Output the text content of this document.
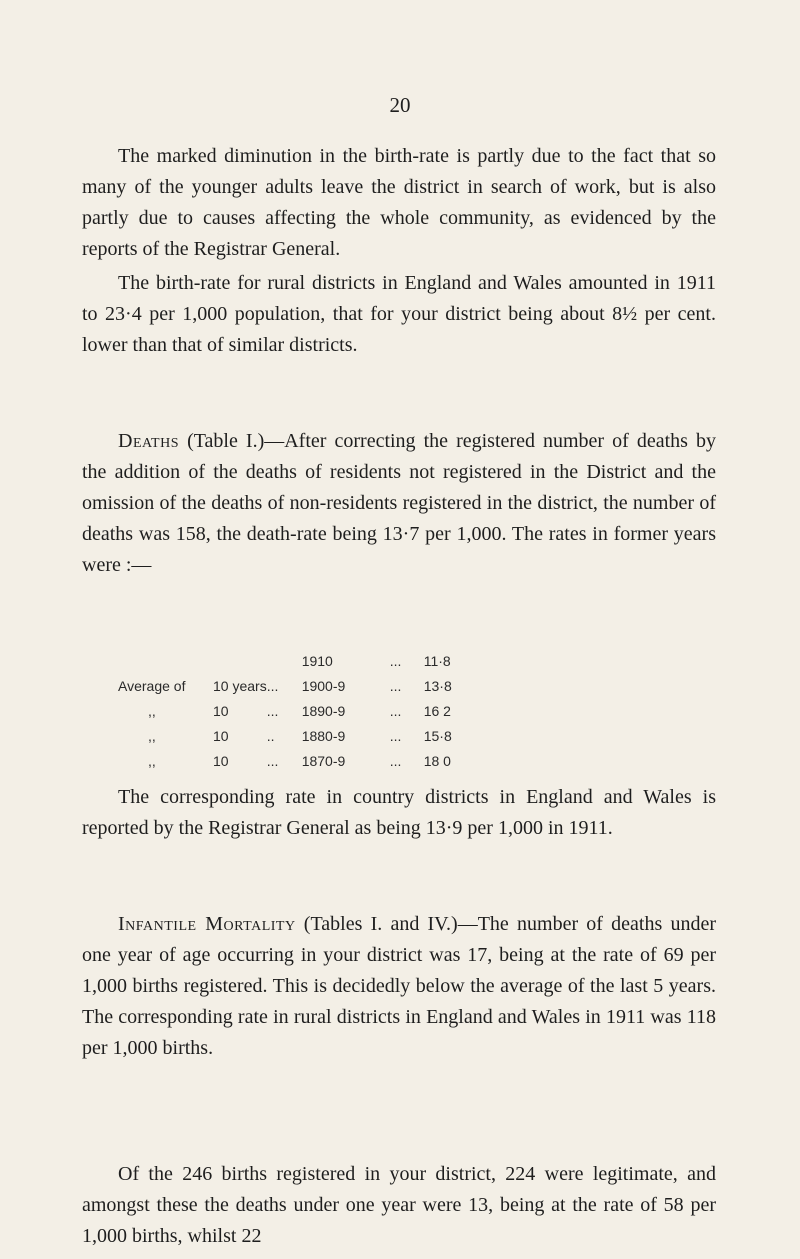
20

The marked diminution in the birth-rate is partly due to the fact that so many of the younger adults leave the district in search of work, but is also partly due to causes affecting the whole community, as evidenced by the reports of the Registrar General.

The birth-rate for rural districts in England and Wales amounted in 1911 to 23·4 per 1,000 population, that for your district being about 8½ per cent. lower than that of similar districts.

Deaths (Table I.)—After correcting the registered number of deaths by the addition of the deaths of residents not registered in the District and the omission of the deaths of non-residents registered in the district, the number of deaths was 158, the death-rate being 13·7 per 1,000. The rates in former years were :—

			1910	...	11·8
Average of	10 years	...	1900-9	...	13·8
,,	10	...	1890-9	...	16 2
,,	10	..	1880-9	...	15·8
,,	10	...	1870-9	...	18 0

The corresponding rate in country districts in England and Wales is reported by the Registrar General as being 13·9 per 1,000 in 1911.

Infantile Mortality (Tables I. and IV.)—The number of deaths under one year of age occurring in your district was 17, being at the rate of 69 per 1,000 births registered. This is decidedly below the average of the last 5 years. The corresponding rate in rural districts in England and Wales in 1911 was 118 per 1,000 births.

Of the 246 births registered in your district, 224 were legitimate, and amongst these the deaths under one year were 13, being at the rate of 58 per 1,000 births, whilst 22
